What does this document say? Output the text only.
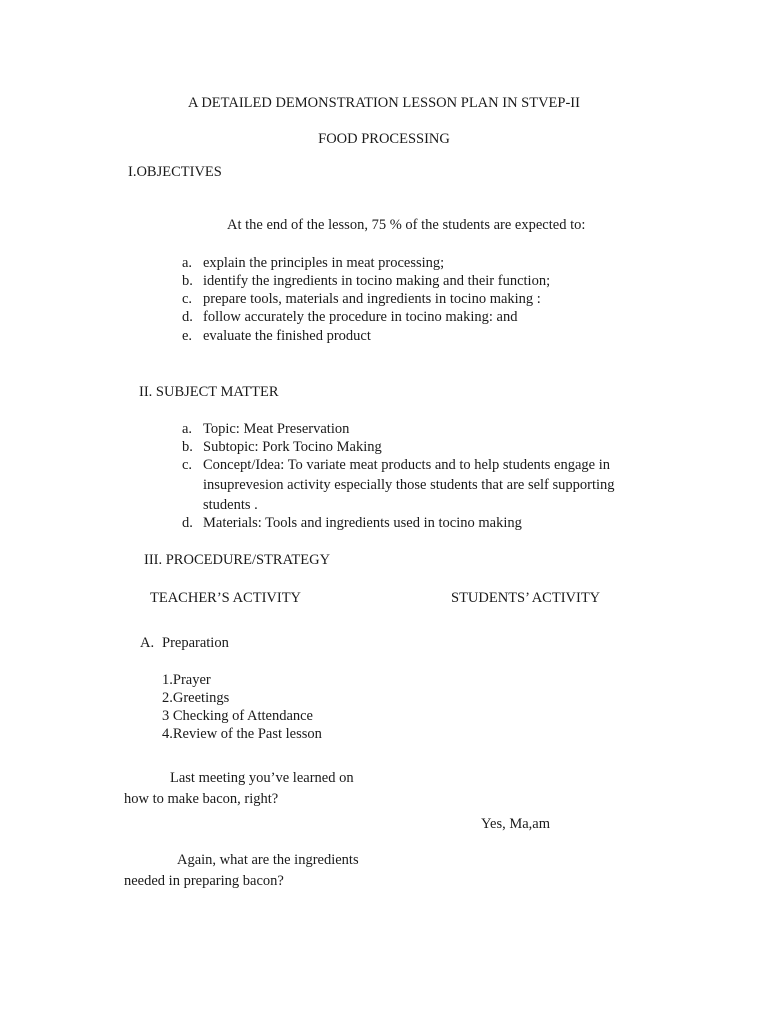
A DETAILED DEMONSTRATION LESSON PLAN IN STVEP-II
FOOD PROCESSING
I.OBJECTIVES
At the end of the lesson, 75 % of the students are expected to:
a. explain the principles in meat processing;
b. identify the ingredients in tocino making and their function;
c. prepare tools, materials and ingredients in tocino making :
d. follow accurately the procedure in tocino making: and
e. evaluate the finished product
II. SUBJECT MATTER
a. Topic: Meat Preservation
b. Subtopic: Pork Tocino Making
c. Concept/Idea: To variate meat products and to help students engage in
insuprevesion activity especially those students that are self supporting
students .
d. Materials: Tools and ingredients used in tocino making
III. PROCEDURE/STRATEGY
TEACHER’S ACTIVITY	STUDENTS’ ACTIVITY
A. Preparation
1.Prayer
2.Greetings
3 Checking of Attendance
4.Review of the Past lesson
Last meeting you’ve learned on
how to make bacon, right?
Yes, Ma,am
Again, what are the ingredients
needed in preparing bacon?
